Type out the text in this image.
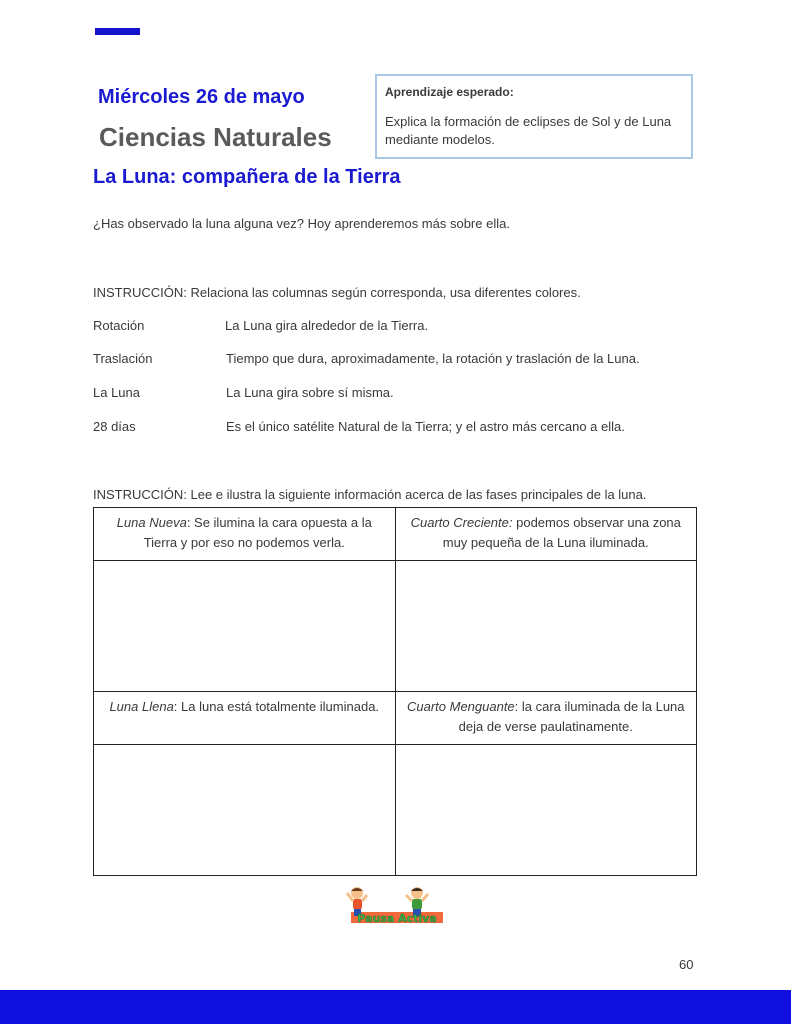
Miércoles 26 de mayo
Ciencias Naturales
La Luna: compañera de la Tierra
Aprendizaje esperado:
Explica la formación de eclipses de Sol y de Luna mediante modelos.
¿Has observado la luna alguna vez? Hoy aprenderemos más sobre ella.
INSTRUCCIÓN: Relaciona las columnas según corresponda, usa diferentes colores.
Rotación	La Luna gira alrededor de la Tierra.
Traslación	Tiempo que dura, aproximadamente, la rotación y traslación de la Luna.
La Luna	La Luna gira sobre sí misma.
28 días	Es el único satélite Natural de la Tierra; y el astro más cercano a ella.
INSTRUCCIÓN: Lee e ilustra la siguiente información acerca de las fases principales de la luna.
Luna Nueva: Se ilumina la cara opuesta a la Tierra y por eso no podemos verla.	Cuarto Creciente: podemos observar una zona muy pequeña de la Luna iluminada.

Luna Llena: La luna está totalmente iluminada.	Cuarto Menguante: la cara iluminada de la Luna deja de verse paulatinamente.

Pausa Activa
60
